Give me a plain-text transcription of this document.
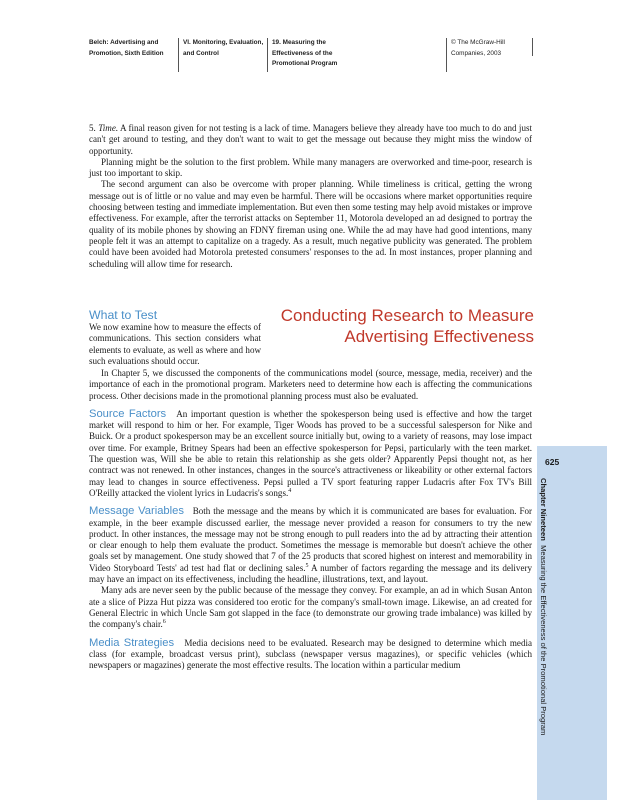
Belch: Advertising and
Promotion, Sixth Edition
VI. Monitoring, Evaluation,
and Control
19. Measuring the
Effectiveness of the
Promotional Program
© The McGraw-Hill
Companies, 2003

5. Time. A final reason given for not testing is a lack of time. Managers believe they already have too much to do and just can't get around to testing, and they don't want to wait to get the message out because they might miss the window of opportunity.

Planning might be the solution to the first problem. While many managers are overworked and time-poor, research is just too important to skip.

The second argument can also be overcome with proper planning. While timeliness is critical, getting the wrong message out is of little or no value and may even be harmful. There will be occasions where market opportunities require choosing between testing and immediate implementation. But even then some testing may help avoid mistakes or improve effectiveness. For example, after the terrorist attacks on September 11, Motorola developed an ad designed to portray the quality of its mobile phones by showing an FDNY fireman using one. While the ad may have had good intentions, many people felt it was an attempt to capitalize on a tragedy. As a result, much negative publicity was generated. The problem could have been avoided had Motorola pretested consumers' responses to the ad. In most instances, proper planning and scheduling will allow time for research.

Conducting Research to Measure
Advertising Effectiveness
What to Test
We now examine how to measure the effects of communications. This section considers what elements to evaluate, as well as where and how such evaluations should occur.

In Chapter 5, we discussed the components of the communications model (source, message, media, receiver) and the importance of each in the promotional program. Marketers need to determine how each is affecting the communications process. Other decisions made in the promotional planning process must also be evaluated.

Source Factors An important question is whether the spokesperson being used is effective and how the target market will respond to him or her. For example, Tiger Woods has proved to be a successful salesperson for Nike and Buick. Or a product spokesperson may be an excellent source initially but, owing to a variety of reasons, may lose impact over time. For example, Britney Spears had been an effective spokesperson for Pepsi, particularly with the teen market. The question was, Will she be able to retain this relationship as she gets older? Apparently Pepsi thought not, as her contract was not renewed. In other instances, changes in the source's attractiveness or likeability or other external factors may lead to changes in source effectiveness. Pepsi pulled a TV sport featuring rapper Ludacris after Fox TV's Bill O'Reilly attacked the violent lyrics in Ludacris's songs.$^4$

Message Variables Both the message and the means by which it is communicated are bases for evaluation. For example, in the beer example discussed earlier, the message never provided a reason for consumers to try the new product. In other instances, the message may not be strong enough to pull readers into the ad by attracting their attention or clear enough to help them evaluate the product. Sometimes the message is memorable but doesn't achieve the other goals set by management. One study showed that 7 of the 25 products that scored highest on interest and memorability in Video Storyboard Tests' ad test had flat or declining sales.$^5$ A number of factors regarding the message and its delivery may have an impact on its effectiveness, including the headline, illustrations, text, and layout.

Many ads are never seen by the public because of the message they convey. For example, an ad in which Susan Anton ate a slice of Pizza Hut pizza was considered too erotic for the company's small-town image. Likewise, an ad created for General Electric in which Uncle Sam got slapped in the face (to demonstrate our growing trade imbalance) was killed by the company's chair.$^6$

Media Strategies Media decisions need to be evaluated. Research may be designed to determine which media class (for example, broadcast versus print), subclass (newspaper versus magazines), or specific vehicles (which newspapers or magazines) generate the most effective results. The location within a particular medium

625
Chapter Nineteen  Measuring the Effectiveness of the Promotional Program
